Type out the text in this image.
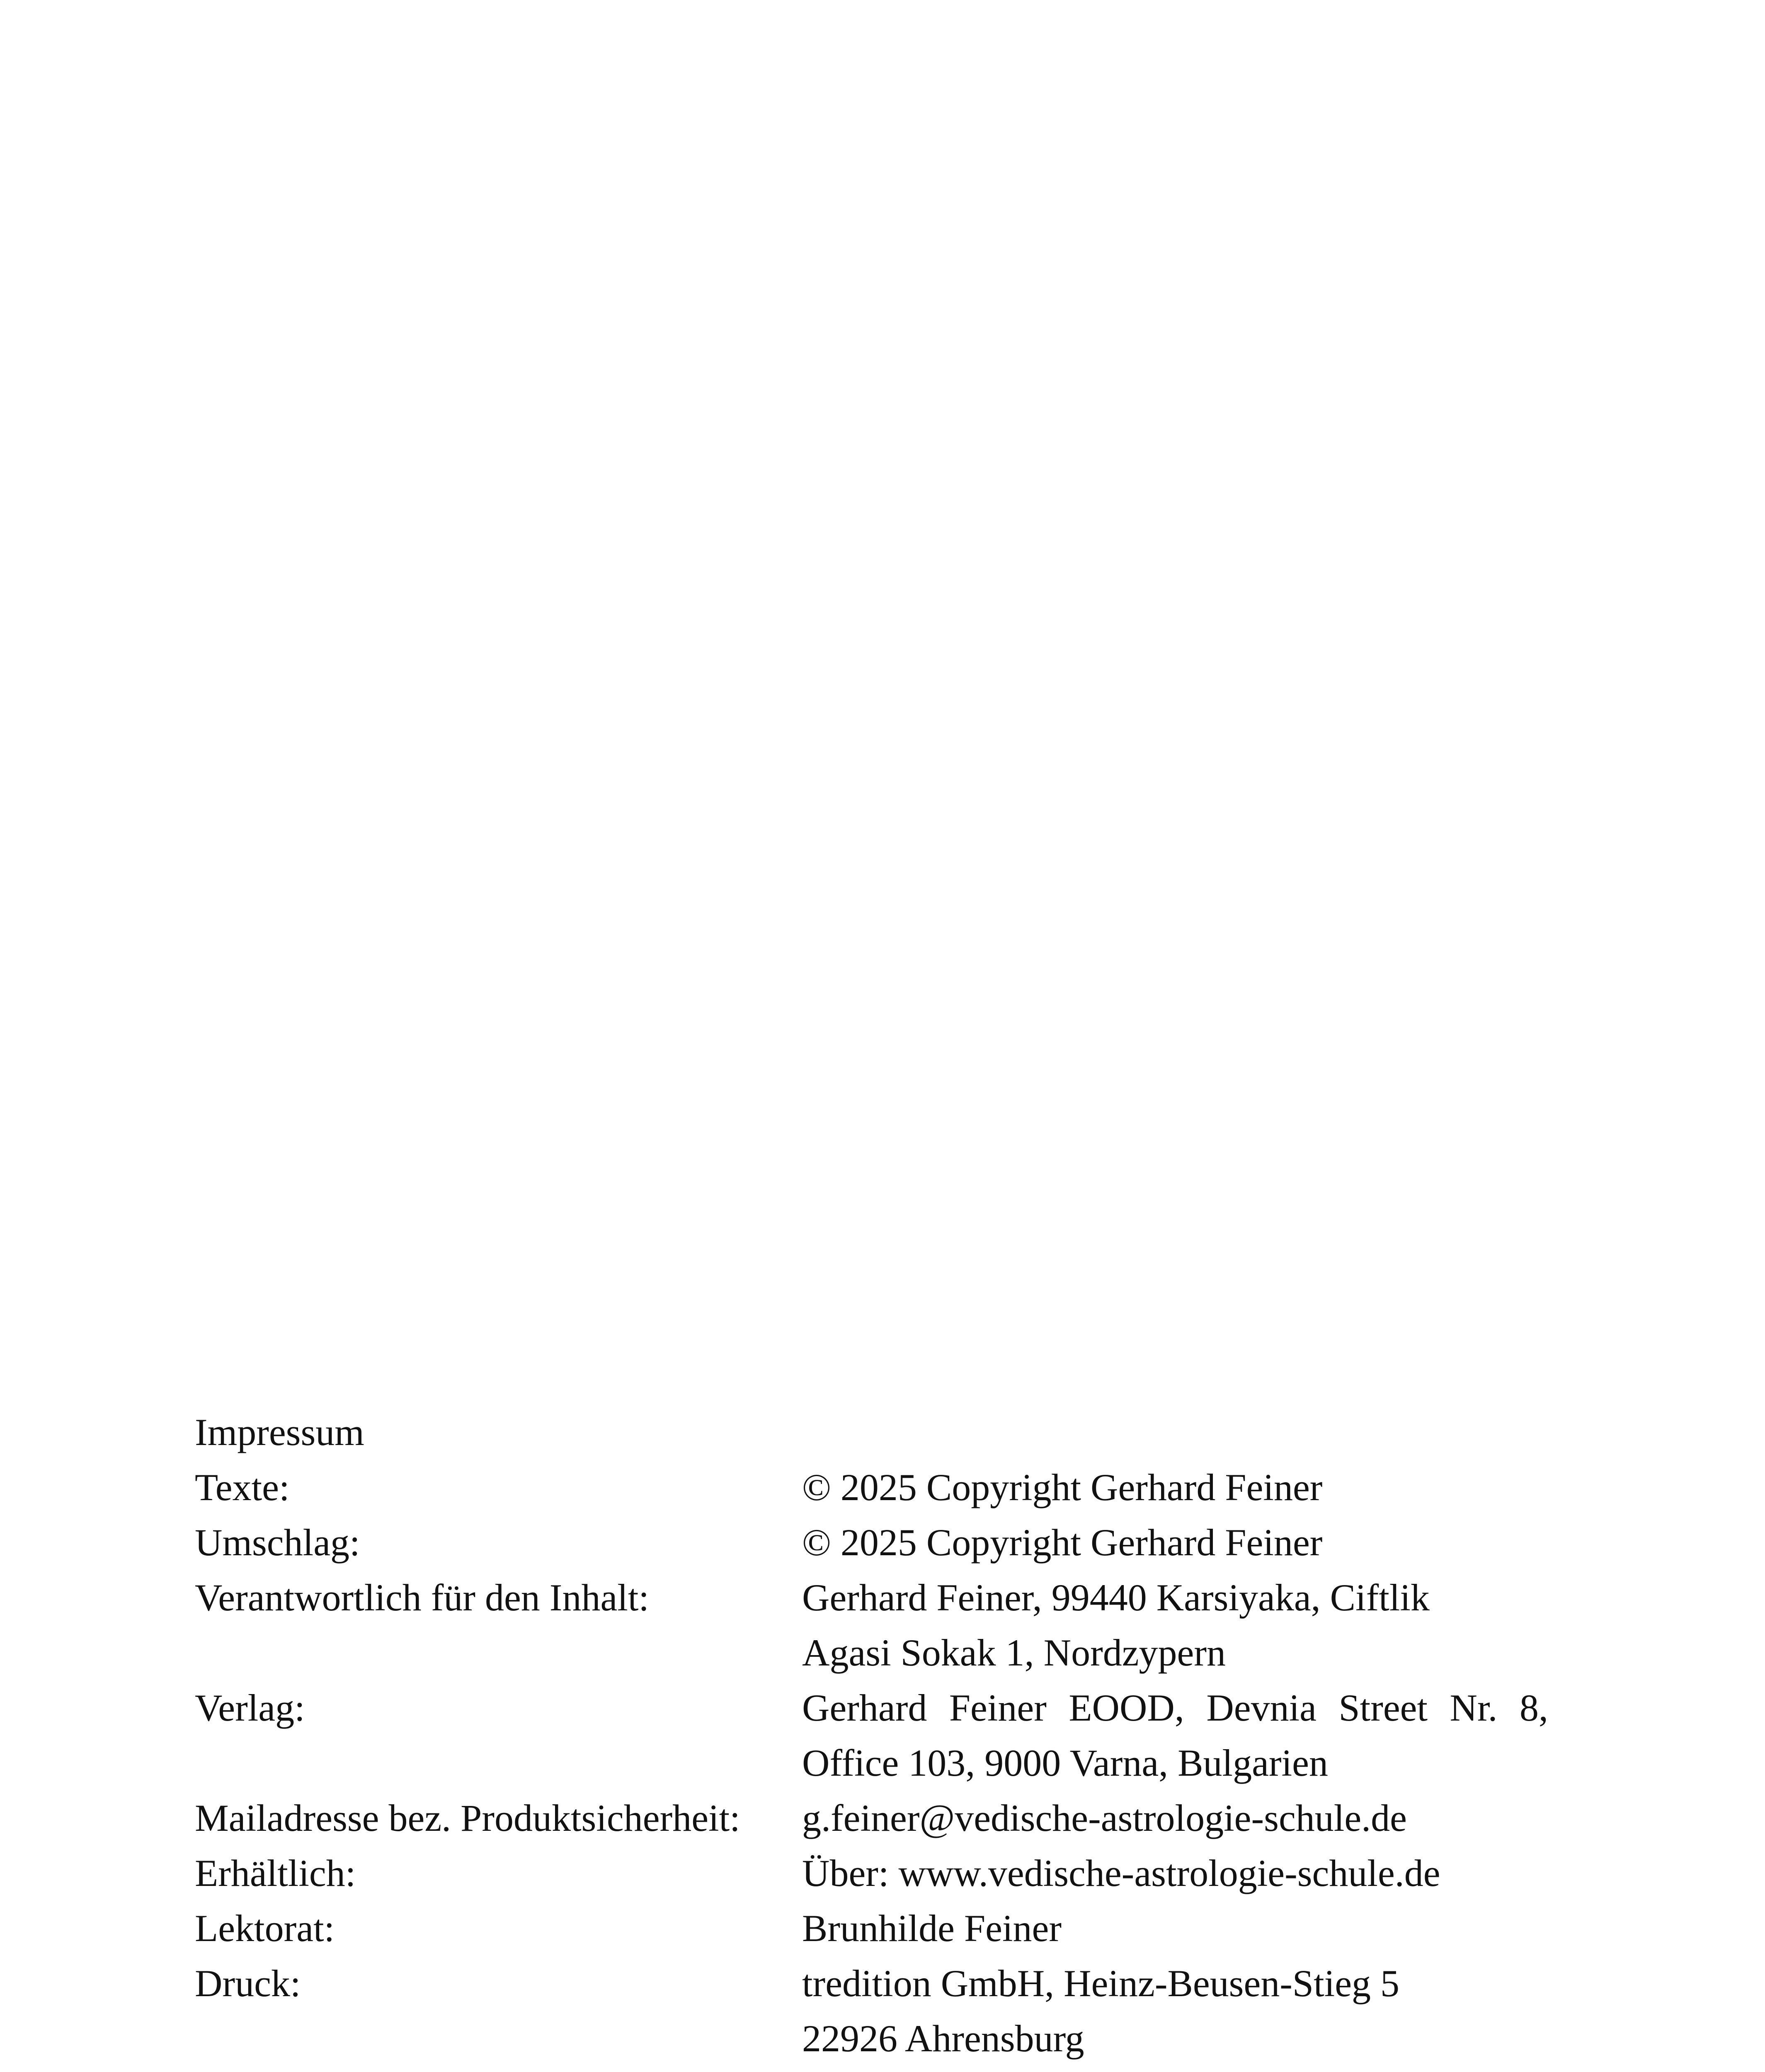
Impressum
Texte:	© 2025 Copyright Gerhard Feiner
Umschlag:	© 2025 Copyright Gerhard Feiner
Verantwortlich für den Inhalt:	Gerhard Feiner, 99440 Karsiyaka, Ciftlik
Agasi Sokak 1, Nordzypern
Verlag:	Gerhard Feiner EOOD, Devnia Street Nr. 8,
Office 103, 9000 Varna, Bulgarien
Mailadresse bez. Produktsicherheit:	g.feiner@vedische-astrologie-schule.de
Erhältlich:	Über: www.vedische-astrologie-schule.de
Lektorat:	Brunhilde Feiner
Druck:	tredition GmbH, Heinz-Beusen-Stieg 5
22926 Ahrensburg
